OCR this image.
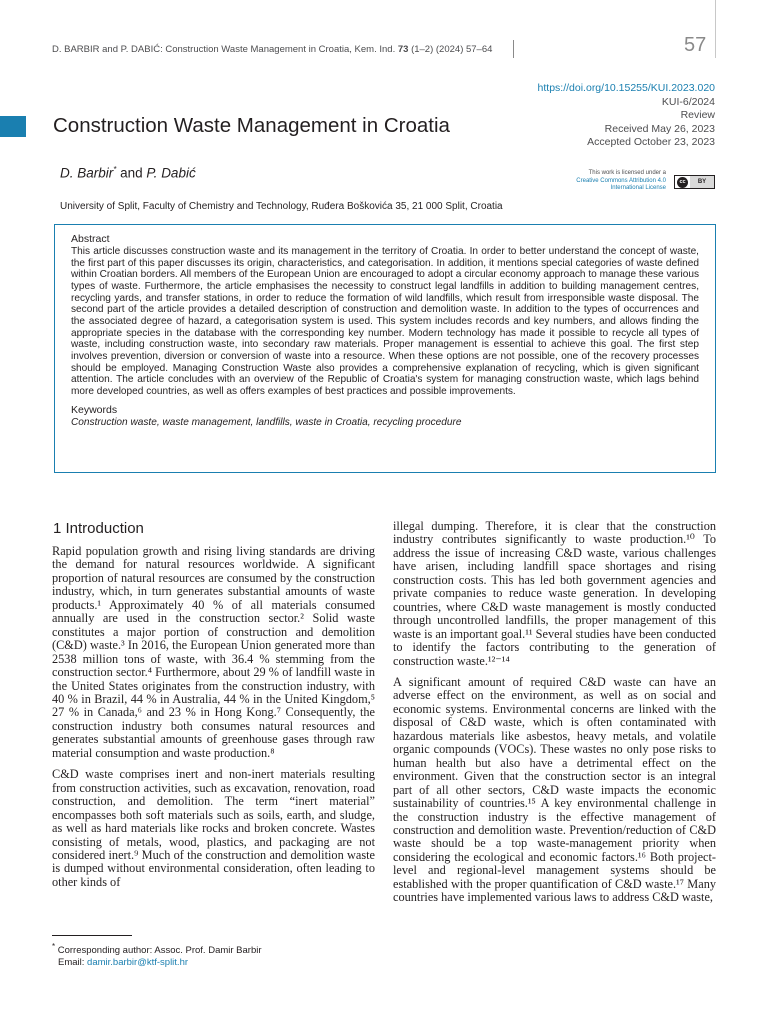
D. BARBIR and P. DABIĆ: Construction Waste Management in Croatia, Kem. Ind. 73 (1–2) (2024) 57–64	57
https://doi.org/10.15255/KUI.2023.020
KUI-6/2024
Review
Received May 26, 2023
Accepted October 23, 2023
Construction Waste Management in Croatia
D. Barbir* and P. Dabić	This work is licensed under a
Creative Commons Attribution 4.0
International License
cc	BY
University of Split, Faculty of Chemistry and Technology, Ruđera Boškovića 35, 21 000 Split, Croatia
Abstract
This article discusses construction waste and its management in the territory of Croatia. In order to better understand the concept of waste, the first part of this paper discusses its origin, characteristics, and categorisation. In addition, it mentions special categories of waste defined within Croatian borders. All members of the European Union are encouraged to adopt a circular economy approach to manage these various types of waste. Furthermore, the article emphasises the necessity to construct legal landfills in addition to building management centres, recycling yards, and transfer stations, in order to reduce the formation of wild landfills, which result from irresponsible waste disposal. The second part of the article provides a detailed description of construction and demolition waste. In addition to the types of occurrences and the associated degree of hazard, a categorisation system is used. This system includes records and key numbers, and allows finding the appropriate species in the database with the corresponding key number. Modern technology has made it possible to recycle all types of waste, including construction waste, into secondary raw materials. Proper management is essential to achieve this goal. The first step involves prevention, diversion or conversion of waste into a resource. When these options are not possible, one of the recovery processes should be employed. Managing Construction Waste also provides a comprehensive explanation of recycling, which is given significant attention. The article concludes with an overview of the Republic of Croatia's system for managing construction waste, which lags behind more developed countries, as well as offers examples of best practices and possible improvements.
Keywords
Construction waste, waste management, landfills, waste in Croatia, recycling procedure
1 Introduction

Rapid population growth and rising living standards are driving the demand for natural resources worldwide. A significant proportion of natural resources are consumed by the construction industry, which, in turn generates substantial amounts of waste products.¹ Approximately 40 % of all materials consumed annually are used in the construction sector.² Solid waste constitutes a major portion of construction and demolition (C&D) waste.³ In 2016, the European Union generated more than 2538 million tons of waste, with 36.4 % stemming from the construction sector.⁴ Furthermore, about 29 % of landfill waste in the United States originates from the construction industry, with 40 % in Brazil, 44 % in Australia, 44 % in the United Kingdom,⁵ 27 % in Canada,⁶ and 23 % in Hong Kong.⁷ Consequently, the construction industry both consumes natural resources and generates substantial amounts of greenhouse gases through raw material consumption and waste production.⁸

C&D waste comprises inert and non-inert materials resulting from construction activities, such as excavation, renovation, road construction, and demolition. The term “inert material” encompasses both soft materials such as soils, earth, and sludge, as well as hard materials like rocks and broken concrete. Wastes consisting of metals, wood, plastics, and packaging are not considered inert.⁹ Much of the construction and demolition waste is dumped without environmental consideration, often leading to other kinds of

illegal dumping. Therefore, it is clear that the construction industry contributes significantly to waste production.¹⁰ To address the issue of increasing C&D waste, various challenges have arisen, including landfill space shortages and rising construction costs. This has led both government agencies and private companies to reduce waste generation. In developing countries, where C&D waste management is mostly conducted through uncontrolled landfills, the proper management of this waste is an important goal.¹¹ Several studies have been conducted to identify the factors contributing to the generation of construction waste.¹²⁻¹⁴

A significant amount of required C&D waste can have an adverse effect on the environment, as well as on social and economic systems. Environmental concerns are linked with the disposal of C&D waste, which is often contaminated with hazardous materials like asbestos, heavy metals, and volatile organic compounds (VOCs). These wastes no only pose risks to human health but also have a detrimental effect on the environment. Given that the construction sector is an integral part of all other sectors, C&D waste impacts the economic sustainability of countries.¹⁵ A key environmental challenge in the construction industry is the effective management of construction and demolition waste. Prevention/reduction of C&D waste should be a top waste-management priority when considering the ecological and economic factors.¹⁶ Both project-level and regional-level management systems should be established with the proper quantification of C&D waste.¹⁷ Many countries have implemented various laws to address C&D waste,

* Corresponding author: Assoc. Prof. Damir Barbir
Email: damir.barbir@ktf-split.hr
